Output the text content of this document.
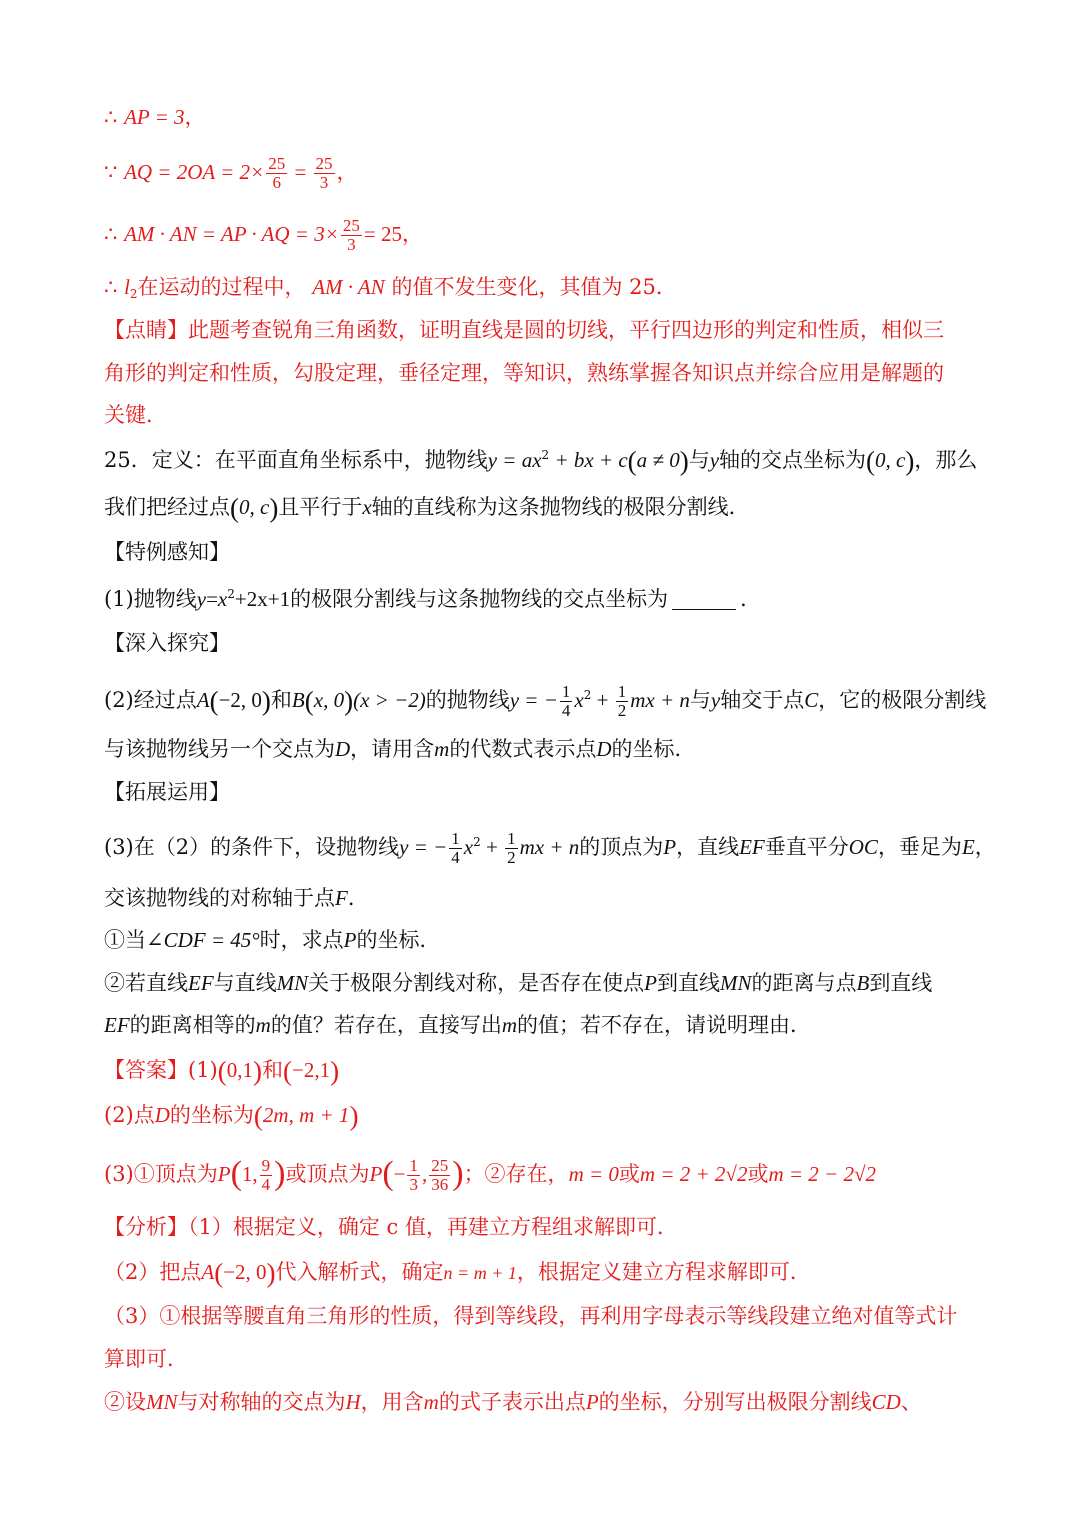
∴ AP = 3，
∵ AQ = $2OA = 2\times \frac{25}{6} = \frac{25}{3}$ ，
∴ AM · AN = AP · AQ = $3\times \frac{25}{3} = 25$，
∴ $l_2$在运动的过程中， AM · AN 的值不发生变化，其值为 25．
【点睛】此题考查锐角三角函数，证明直线是圆的切线，平行四边形的判定和性质，相似三
角形的判定和性质，勾股定理，垂径定理，等知识，熟练掌握各知识点并综合应用是解题的
关键．
25．定义：在平面直角坐标系中，抛物线$y = ax^2$ + bx + c(a ≠ 0)与y轴的交点坐标为(0, c)，那么
我们把经过点(0, c)且平行于x轴的直线称为这条抛物线的极限分割线．
【特例感知】
(1)抛物线$y=x^2+2x+1$的极限分割线与这条抛物线的交点坐标为	．
【深入探究】
(2)经过点A(−2, 0)和B(x, 0)(x > −2)的抛物线y = − $\frac{1}{4} x^2 + \frac{1}{2}$ mx + n与y轴交于点C，它的极限分割线
与该抛物线另一个交点为D，请用含m的代数式表示点D的坐标．
【拓展运用】
(3)在（2）的条件下，设抛物线y = − $\frac{1}{4} x^2 + \frac{1}{2}$ mx + n的顶点为P，直线EF垂直平分OC，垂足为E，
交该抛物线的对称轴于点F．
①当∠CDF = 45°时，求点P的坐标．
②若直线EF与直线MN关于极限分割线对称，是否存在使点P到直线MN的距离与点B到直线
EF的距离相等的m的值？若存在，直接写出m的值；若不存在，请说明理由．
【答案】(1)(0,1)和(−2,1)
(2)点D的坐标为(2m, m + 1)
(3)①顶点为P(1, $\frac{9}{4}$ )或顶点为$P(- \frac{1}{3}$ , $\frac{25}{36}$ )；②存在，m = 0或m = 2 + 2√2或m = 2 − 2√2
【分析】（1）根据定义，确定 c 值，再建立方程组求解即可．
（2）把点A(−2, 0)代入解析式，确定n = m + 1，根据定义建立方程求解即可．
（3）①根据等腰直角三角形的性质，得到等线段，再利用字母表示等线段建立绝对值等式计
算即可．
②设MN与对称轴的交点为H，用含m的式子表示出点P的坐标，分别写出极限分割线CD、
